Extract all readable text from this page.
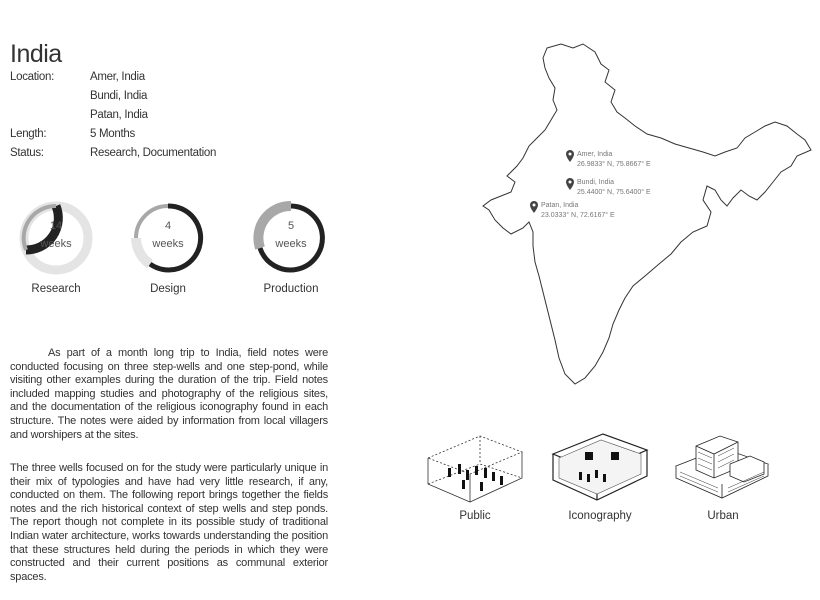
India
Location:	Amer, India
Bundi, India
Patan, India
Length:	5 Months
Status:	Research, Documentation
14
weeks
Research
4
weeks
Design
5
weeks
Production
As part of a month long trip to India, field notes were conducted focusing on three step-wells and one step-pond, while visiting other examples during the duration of the trip. Field notes included mapping studies and photography of the religious sites, and the documentation of the religious iconography found in each structure. The notes were aided by information from local villagers and worshipers at the sites.
The three wells focused on for the study were particularly unique in their mix of typologies and have had very little research, if any, conducted on them. The following report brings together the fields notes and the rich historical context of step wells and step ponds. The report though not complete in its possible study of traditional Indian water architecture, works towards understanding the position that these structures held during the periods in which they were constructed and their current positions as communal exterior spaces.
Amer, India
26.9833° N, 75.8667° E
Bundi, India
25.4400° N, 75.6400° E
Patan, India
23.0333° N, 72.6167° E
Public	Iconography	Urban
